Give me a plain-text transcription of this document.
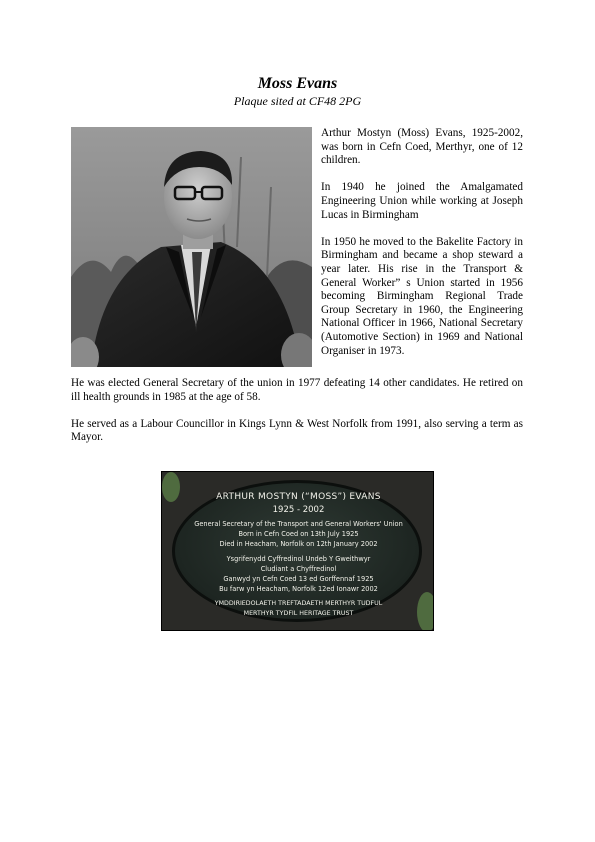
Moss Evans
Plaque sited at CF48 2PG

Arthur Mostyn (Moss) Evans, 1925-2002, was born in Cefn Coed, Merthyr, one of 12 children.

In 1940 he joined the Amalgamated Engineering Union while working at Joseph Lucas in Birmingham

In 1950 he moved to the Bakelite Factory in Birmingham and became a shop steward a year later. His rise in the Transport & General Worker” s Union started in 1956 becoming Birmingham Regional Trade Group Secretary in 1960, the Engineering National Officer in 1966, National Secretary (Automotive Section) in 1969 and National Organiser in 1973.

He was elected General Secretary of the union in 1977 defeating 14 other candidates. He retired on ill health grounds in 1985 at the age of 58.

He served as a Labour Councillor in Kings Lynn & West Norfolk from 1991, also serving a term as Mayor.

ARTHUR MOSTYN (“MOSS”) EVANS
1925 - 2002
General Secretary of the Transport and General Workers' Union
Born in Cefn Coed on 13th July 1925
Died in Heacham, Norfolk on 12th January 2002
Ysgrifenydd Cyffredinol Undeb Y Gweithwyr
Cludiant a Chyffredinol
Ganwyd yn Cefn Coed 13 ed Gorffennaf 1925
Bu farw yn Heacham, Norfolk 12ed Ionawr 2002
YMDDIRIEDOLAETH TREFTADAETH MERTHYR TUDFUL
MERTHYR TYDFIL HERITAGE TRUST
